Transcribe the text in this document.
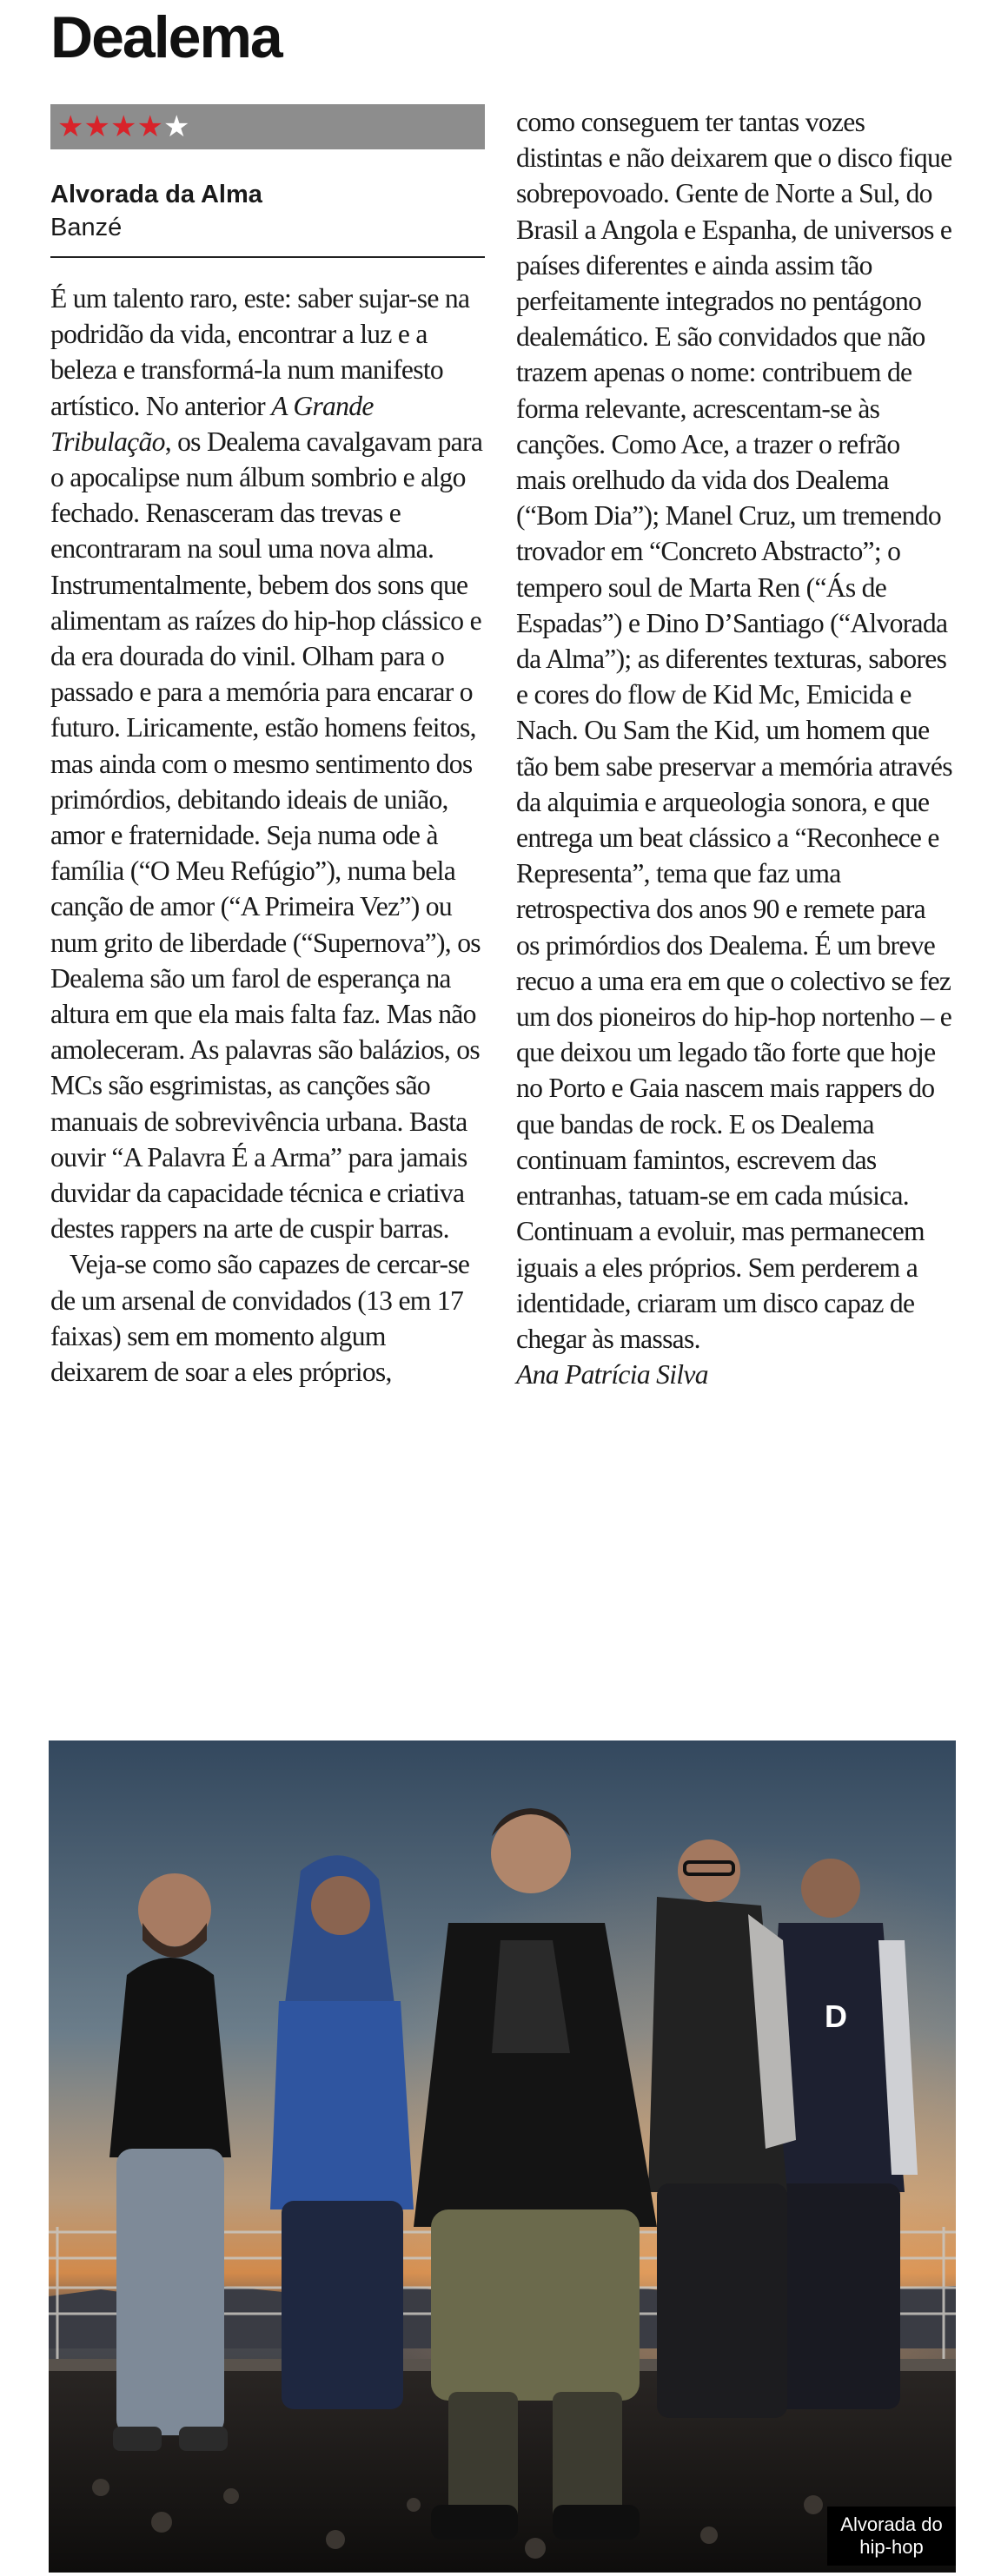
Dealema
★ ★ ★ ★ ★

Alvorada da Alma

Banzé

É um talento raro, este: saber sujar-se na podridão da vida, encontrar a luz e a beleza e transformá-la num manifesto artístico. No anterior A Grande Tribulação, os Dealema cavalgavam para o apocalipse num álbum sombrio e algo fechado. Renasceram das trevas e encontraram na soul uma nova alma. Instrumentalmente, bebem dos sons que alimentam as raízes do hip-hop clássico e da era dourada do vinil. Olham para o passado e para a memória para encarar o futuro. Liricamente, estão homens feitos, mas ainda com o mesmo sentimento dos primórdios, debitando ideais de união, amor e fraternidade. Seja numa ode à família (“O Meu Refúgio”), numa bela canção de amor (“A Primeira Vez”) ou num grito de liberdade (“Supernova”), os Dealema são um farol de esperança na altura em que ela mais falta faz. Mas não amoleceram. As palavras são balázios, os MCs são esgrimistas, as canções são manuais de sobrevivência urbana. Basta ouvir “A Palavra É a Arma” para jamais duvidar da capacidade técnica e criativa destes rappers na arte de cuspir barras.

Veja-se como são capazes de cercar-se de um arsenal de convidados (13 em 17 faixas) sem em momento algum deixarem de soar a eles próprios,

como conseguem ter tantas vozes distintas e não deixarem que o disco fique sobrepovoado. Gente de Norte a Sul, do Brasil a Angola e Espanha, de universos e países diferentes e ainda assim tão perfeitamente integrados no pentágono dealemático. E são convidados que não trazem apenas o nome: contribuem de forma relevante, acrescentam-se às canções. Como Ace, a trazer o refrão mais orelhudo da vida dos Dealema (“Bom Dia”); Manel Cruz, um tremendo trovador em “Concreto Abstracto”; o tempero soul de Marta Ren (“Ás de Espadas”) e Dino D’Santiago (“Alvorada da Alma”); as diferentes texturas, sabores e cores do flow de Kid Mc, Emicida e Nach. Ou Sam the Kid, um homem que tão bem sabe preservar a memória através da alquimia e arqueologia sonora, e que entrega um beat clássico a “Reconhece e Representa”, tema que faz uma retrospectiva dos anos 90 e remete para os primórdios dos Dealema. É um breve recuo a uma era em que o colectivo se fez um dos pioneiros do hip-hop nortenho – e que deixou um legado tão forte que hoje no Porto e Gaia nascem mais rappers do que bandas de rock. E os Dealema continuam famintos, escrevem das entranhas, tatuam-se em cada música. Continuam a evoluir, mas permanecem iguais a eles próprios. Sem perderem a identidade, criaram um disco capaz de chegar às massas.

Ana Patrícia Silva

D
Alvorada do hip-hop
